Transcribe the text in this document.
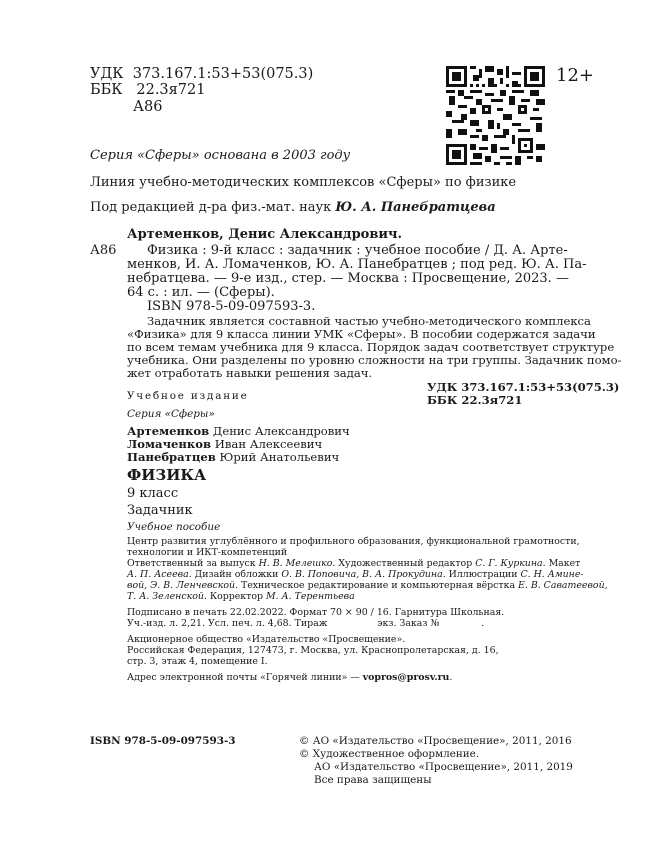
УДК 373.167.1:53+53(075.3)
ББК 22.3я721
А86
12+
Серия «Сферы» основана в 2003 году
Линия учебно-методических комплексов «Сферы» по физике
Под редакцией д-ра физ.-мат. наук Ю. А. Панебратцева
Артеменков, Денис Александрович.
А86 Физика : 9-й класс : задачник : учебное пособие / Д. А. Арте-
менков, И. А. Ломаченков, Ю. А. Панебратцев ; под ред. Ю. А. Па-
небратцева. — 9-е изд., стер. — Москва : Просвещение, 2023. —
64 с. : ил. — (Сферы).
ISBN 978-5-09-097593-3.
Задачник является составной частью учебно-методического комплекса
«Физика» для 9 класса линии УМК «Сферы». В пособии содержатся задачи
по всем темам учебника для 9 класса. Порядок задач соответствует структуре
учебника. Они разделены по уровню сложности на три группы. Задачник помо-
жет отработать навыки решения задач.
УДК 373.167.1:53+53(075.3)
ББК 22.3я721
Учебное издание
Серия «Сферы»
Артеменков Денис Александрович
Ломаченков Иван Алексеевич
Панебратцев Юрий Анатольевич
ФИЗИКА
9 класс
Задачник
Учебное пособие
Центр развития углублённого и профильного образования, функциональной грамотности,
технологии и ИКТ-компетенций
Ответственный за выпуск Н. В. Мелешко. Художественный редактор С. Г. Куркина. Макет
А. П. Асеева. Дизайн обложки О. В. Поповича, В. А. Прокудина. Иллюстрации С. Н. Амине-
вой, Э. В. Ленчевской. Техническое редактирование и компьютерная вёрстка Е. В. Саватеевой,
Т. А. Зеленской. Корректор М. А. Терентьева
Подписано в печать 22.02.2022. Формат 70 × 90 / 16. Гарнитура Школьная.
Уч.-изд. л. 2,21. Усл. печ. л. 4,68. Тираж	экз. Заказ №	.
Акционерное общество «Издательство «Просвещение».
Российская Федерация, 127473, г. Москва, ул. Краснопролетарская, д. 16,
стр. 3, этаж 4, помещение I.
Адрес электронной почты «Горячей линии» — vopros@prosv.ru.
ISBN 978-5-09-097593-3	© АО «Издательство «Просвещение», 2011, 2016
© Художественное оформление.
АО «Издательство «Просвещение», 2011, 2019
Все права защищены
